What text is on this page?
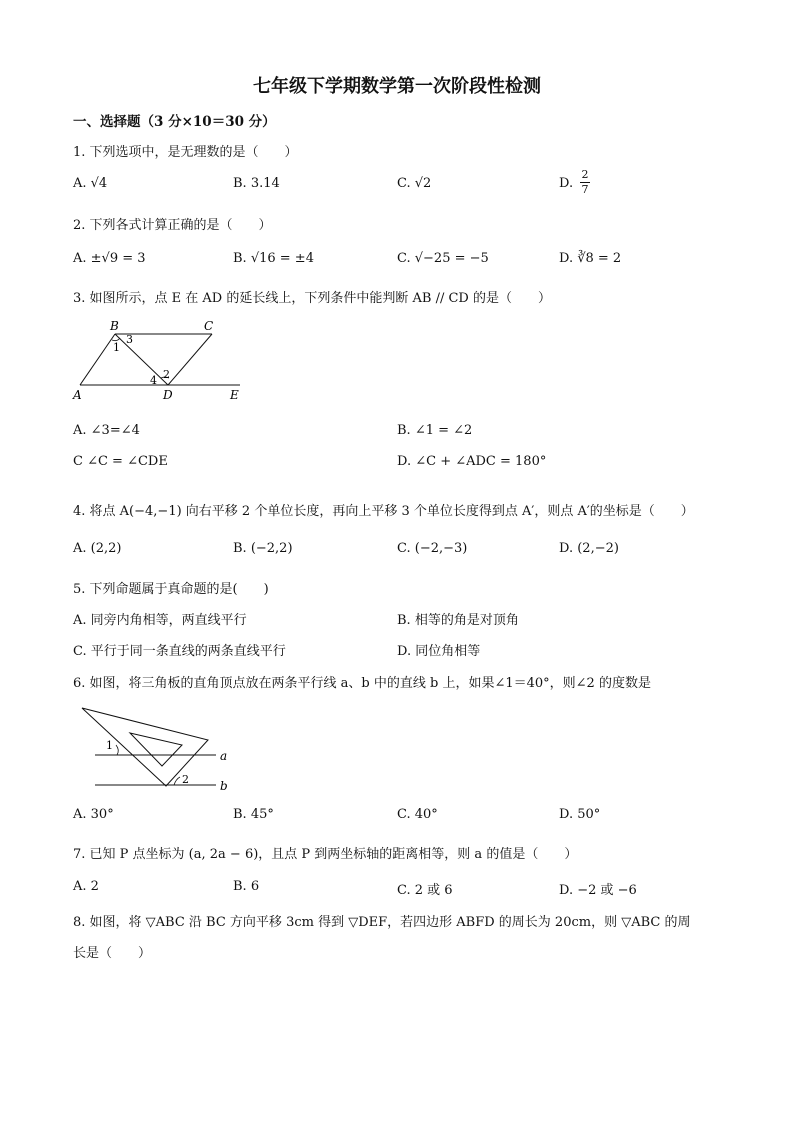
七年级下学期数学第一次阶段性检测
一、选择题（3 分×10＝30 分）
1. 下列选项中，是无理数的是（　　）
A. √4	B. 3.14	C. √2	D.
2
7
2. 下列各式计算正确的是（　　）
A. ±√9 = 3	B. √16 = ±4	C. √−25 = −5	D. ∛8 = 2
3. 如图所示，点 E 在 AD 的延长线上，下列条件中能判断 AB // CD 的是（　　）
B	C
A	D	E
1
3
2
4
A. ∠3=∠4	B. ∠1 = ∠2
C ∠C = ∠CDE	D. ∠C + ∠ADC = 180°
4. 将点 A(−4,−1) 向右平移 2 个单位长度，再向上平移 3 个单位长度得到点 A′，则点 A′的坐标是（　　）
A. (2,2)	B. (−2,2)	C. (−2,−3)	D. (2,−2)
5. 下列命题属于真命题的是(　　)
A. 同旁内角相等，两直线平行	B. 相等的角是对顶角
C. 平行于同一条直线的两条直线平行	D. 同位角相等
6. 如图，将三角板的直角顶点放在两条平行线 a、b 中的直线 b 上，如果∠1＝40°，则∠2 的度数是
1
2
a
b
A. 30°	B. 45°	C. 40°	D. 50°
7. 已知 P 点坐标为 (a, 2a − 6)，且点 P 到两坐标轴的距离相等，则 a 的值是（　　）
A. 2	B. 6	C. 2 或 6	D. −2 或 −6
8. 如图，将 ▽ABC 沿 BC 方向平移 3cm 得到 ▽DEF，若四边形 ABFD 的周长为 20cm，则 ▽ABC 的周
长是（　　）
